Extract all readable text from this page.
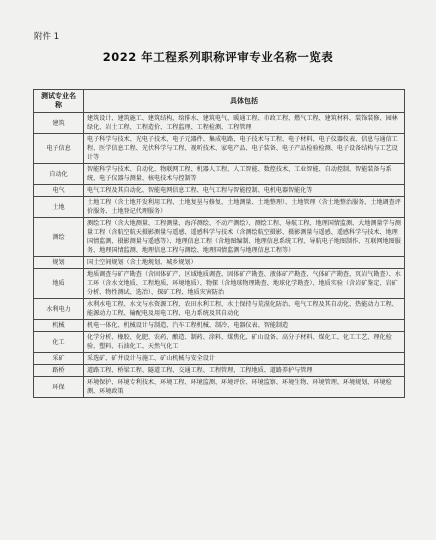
附件 1
2022 年工程系列职称评审专业名称一览表
测试专业名 称	具体包括
建筑	建筑设计、建筑施工、建筑结构、给排水、建筑电气、暖通工程、市政工程、燃气工程、建筑材料、装饰装修、园林绿化、岩土工程、工程造价、工程监理、工程检测、工程管理
电子信息	电子科学与技术、光电子技术、电子元器件、集成电路、电子技术与工程、电子材料、电子仪器仪表、信息与通信工程、医学信息工程、光伏科学与工程、视听技术、家电产品、电子装备、电子产品检验检测、电子设备结构与工艺设计等
自动化	智能科学与技术、自动化、物联网工程、机器人工程、人工智能、数控技术、工业智能、自动控制、智能装备与系统、电子仪器与测量、核电技术与控制等
电气	电气工程及其自动化、智能电网信息工程、电气工程与智能控制、电机电器智能化等
土地	土地工程（含土地开发利用工程、土地复垦与修复、土地测量、土地整理）、土地管理（含土地整治服务、土地调查评价服务、土地登记代理服务）
测绘	测绘工程（含大地测量、工程测量、海洋测绘、不动产测绘）、测绘工程、导航工程、地理国情监测、大地测量学与测量工程（含航空航天摄影测量与遥感、遥感科学与技术（含测绘航空摄影、摄影测量与遥感、遥感科学与技术、地理国情监测、摄影测量与遥感等）、地理信息工程（含地图编制、地理信息系统工程、导航电子地图制作、互联网地图服务、地理国情监测、地理信息工程与测绘、地理国情监测与地理信息工程等）
规划	国土空间规划（含土地规划、城乡规划）
地质	地质调查与矿产勘查（含固体矿产、区域地质调查、固体矿产勘查、液体矿产勘查、气体矿产勘查、页岩气勘查）、水工环（含水文地质、工程地质、环境地质）、物探（含地球物理勘查、地球化学勘查）、地质实验（含岩矿鉴定、岩矿分析、物性测试、选冶）、探矿工程、地质灾害防治
水利电力	水利水电工程、水文与水资源工程、农田水利工程、水土保持与荒漠化防治、电气工程及其自动化、热能动力工程、能源动力工程、输配电及用电工程、电力系统及其自动化
机械	机电一体化、机械设计与制造、汽车工程机械、制冷、电器仪表、智能制造
化工	化学分析、橡胶、化肥、农药、酿造、制药、涂料、煤焦化、矿山设备、高分子材料、煤化工、化工工艺、理化检验、塑料、石油化工、天然气化工
采矿	采选矿、矿井设计与施工、矿山机械与安全设计
路桥	道路工程、桥梁工程、隧道工程、交通工程、工程管理、工程地质、道路养护与管理
环保	环境保护、环境专利技术、环境工程、环境监测、环境评价、环境监察、环境生物、环境管理、环境规划、环境检测、环境政策
